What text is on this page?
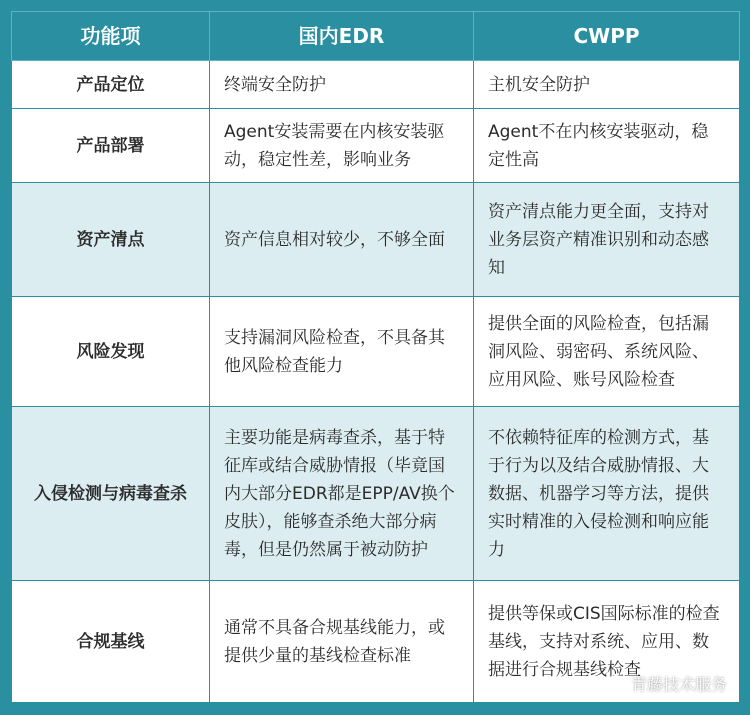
功能项	国内EDR	CWPP
产品定位	终端安全防护	主机安全防护
产品部署	Agent安装需要在内核安装驱动，稳定性差，影响业务	Agent不在内核安装驱动，稳定性高
资产清点	资产信息相对较少，不够全面	资产清点能力更全面，支持对业务层资产精准识别和动态感知
风险发现	支持漏洞风险检查，不具备其他风险检查能力	提供全面的风险检查，包括漏洞风险、弱密码、系统风险、应用风险、账号风险检查
入侵检测与病毒查杀	主要功能是病毒查杀，基于特征库或结合威胁情报（毕竟国内大部分EDR都是EPP/AV换个皮肤），能够查杀绝大部分病毒，但是仍然属于被动防护	不依赖特征库的检测方式，基于行为以及结合威胁情报、大数据、机器学习等方法，提供实时精准的入侵检测和响应能力
合规基线	通常不具备合规基线能力，或提供少量的基线检查标准	提供等保或CIS国际标准的检查基线，支持对系统、应用、数据进行合规基线检查
青藤技术服务
